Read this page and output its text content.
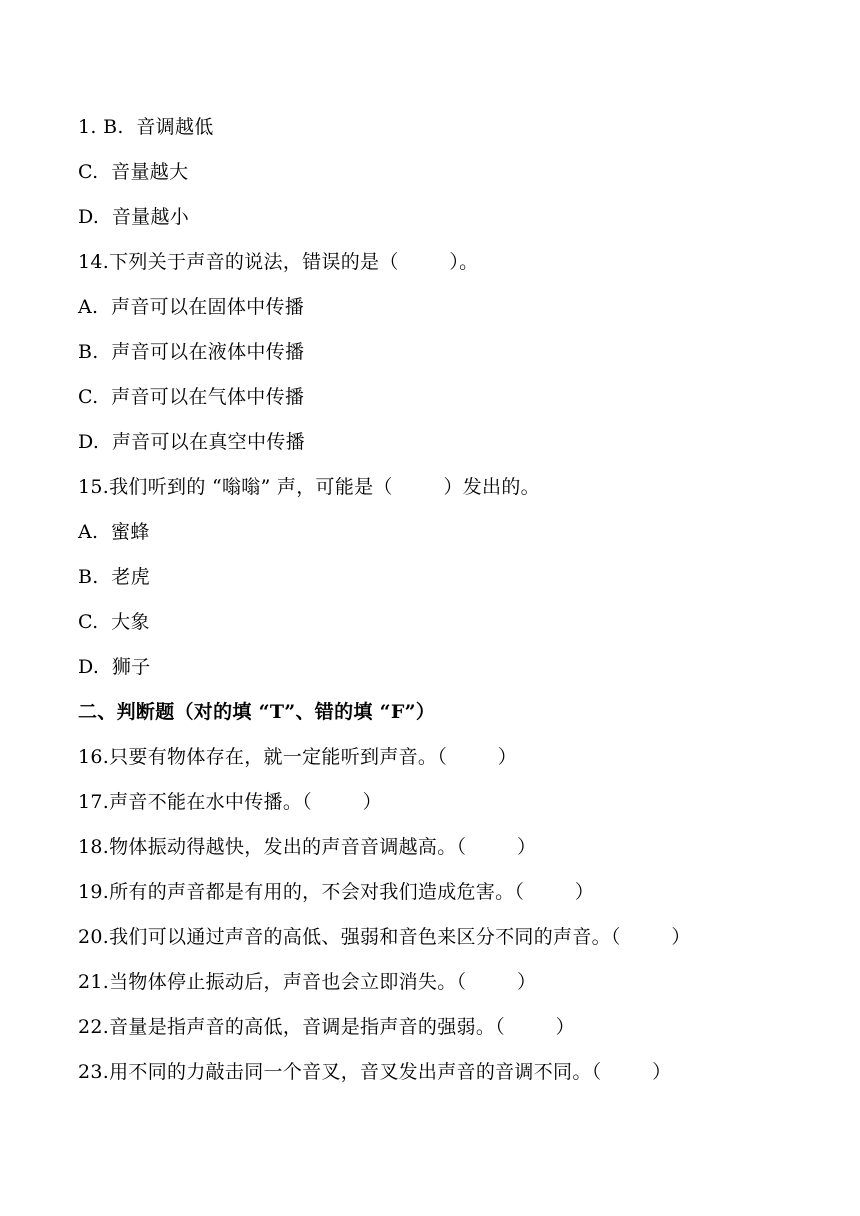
1. B.  音调越低
C.  音量越大
D.  音量越小
14.下列关于声音的说法，错误的是（        ）。
A.  声音可以在固体中传播
B.  声音可以在液体中传播
C.  声音可以在气体中传播
D.  声音可以在真空中传播
15.我们听到的 “嗡嗡” 声，可能是（        ）发出的。
A.  蜜蜂
B.  老虎
C.  大象
D.  狮子
二、判断题（对的填 “T”、错的填 “F”）
16.只要有物体存在，就一定能听到声音。（        ）
17.声音不能在水中传播。（        ）
18.物体振动得越快，发出的声音音调越高。（        ）
19.所有的声音都是有用的，不会对我们造成危害。（        ）
20.我们可以通过声音的高低、强弱和音色来区分不同的声音。（        ）
21.当物体停止振动后，声音也会立即消失。（        ）
22.音量是指声音的高低，音调是指声音的强弱。（        ）
23.用不同的力敲击同一个音叉，音叉发出声音的音调不同。（        ）
